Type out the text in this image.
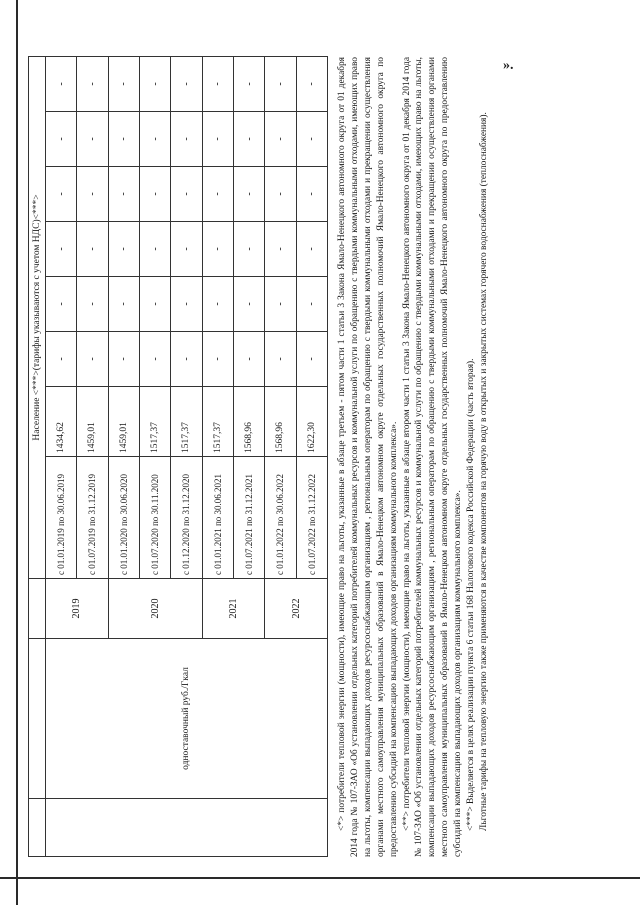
».
			Население <***>(тарифы указываются с учетом НДС)<***>							
	одноставочный руб./Гкал	2019	с 01.01.2019 по 30.06.2019	1434,62	-	-	-	-	-	-
			с 01.07.2019 по 31.12.2019	1459,01	-	-	-	-	-	-
		2020	с 01.01.2020 по 30.06.2020	1459,01	-	-	-	-	-	-
			с 01.07.2020 по 30.11.2020	1517,37	-	-	-	-	-	-
			с 01.12.2020 по 31.12.2020	1517,37	-	-	-	-	-	-
		2021	с 01.01.2021 по 30.06.2021	1517,37	-	-	-	-	-	-
			с 01.07.2021 по 31.12.2021	1568,96	-	-	-	-	-	-
		2022	с 01.01.2022 по 30.06.2022	1568,96	-	-	-	-	-	-
			с 01.07.2022 по 31.12.2022	1622,30	-	-	-	-	-	- <*> потребители тепловой энергии (мощности), имеющие право на льготы, указанные в абзаце третьем - пятом части 1 статьи 3 Закона Ямало-Ненецкого автономного округа от 01 декабря 2014 года № 107-ЗАО «Об установлении отдельных категорий потребителей коммунальных ресурсов и коммунальной услуги по обращению с твердыми коммунальными отходами, имеющих право на льготы, компенсации выпадающих доходов ресурсоснабжающим организациям , региональным операторам по обращению с твердыми коммунальными отходами и прекращении осуществления органами местного самоуправления муниципальных образований в Ямало-Ненецком автономном округе отдельных государственных полномочий Ямало-Ненецкого автономного округа по предоставлению субсидий на компенсацию выпадающих доходов организациям коммунального комплекса». <**> потребители тепловой энергии (мощности), имеющие право на льготы, указанные в абзаце втором части 1 статьи 3 Закона Ямало-Ненецкого автономного округа от 01 декабря 2014 года № 107-ЗАО «Об установлении отдельных категорий потребителей коммунальных ресурсов и коммунальной услуги по обращению с твердыми коммунальными отходами, имеющих право на льготы, компенсации выпадающих доходов ресурсоснабжающим организациям , региональным операторам по обращению с твердыми коммунальными отходами и прекращении осуществления органами местного самоуправления муниципальных образований в Ямало-Ненецком автономном округе отдельных государственных полномочий Ямало-Ненецкого автономного округа по предоставлению субсидий на компенсацию выпадающих доходов организациям коммунального комплекса». <***> Выделяется в целях реализации пункта 6 статьи 168 Налогового кодекса Российской Федерации (часть вторая). Льготные тарифы на тепловую энергию также применяются в качестве компонентов на горячую воду в открытых и закрытых системах горячего водоснабжения (теплоснабжения).
